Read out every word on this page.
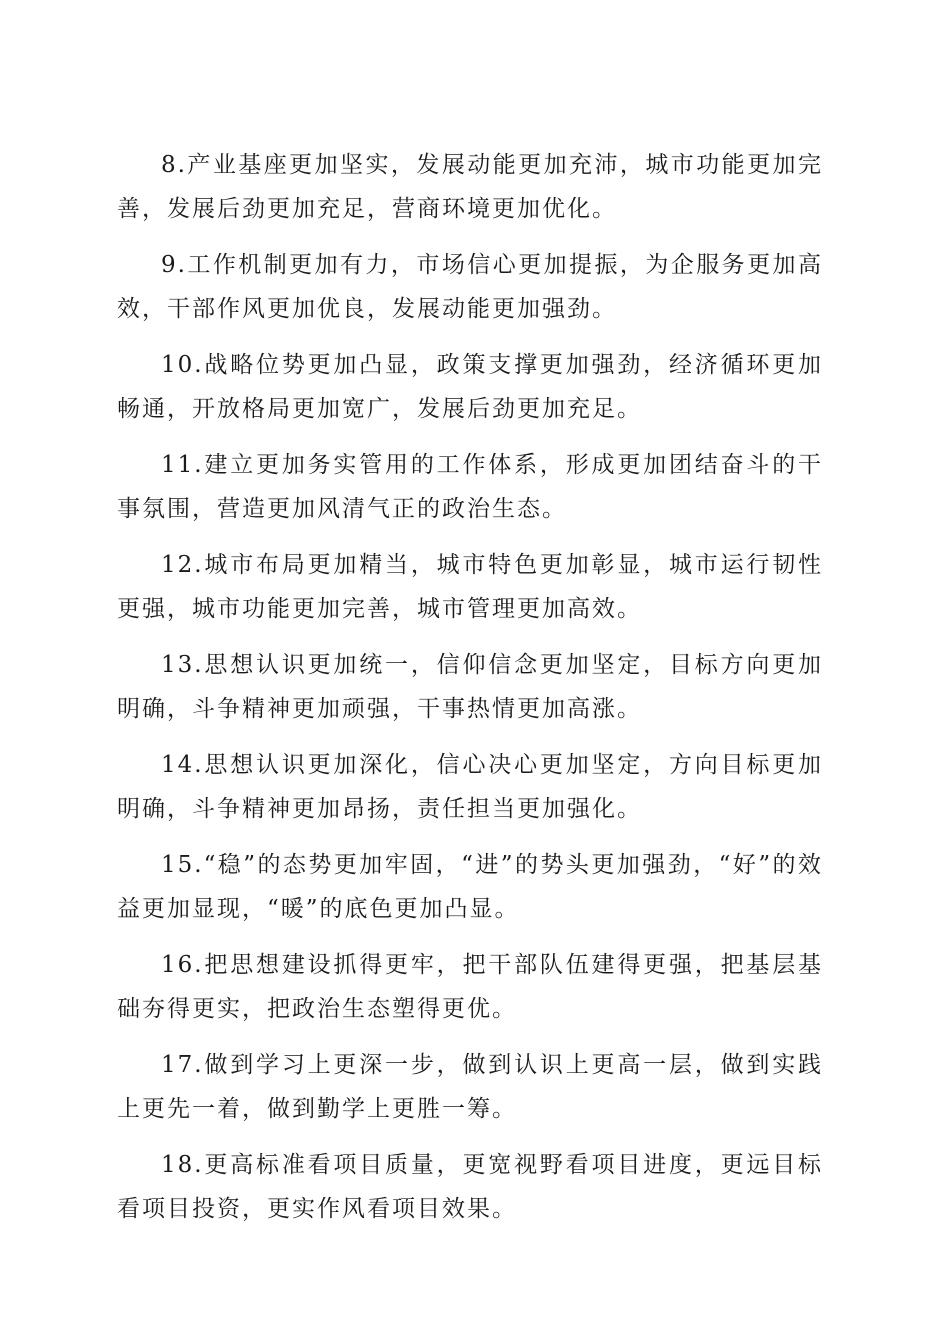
8.产业基座更加坚实，发展动能更加充沛，城市功能更加完善，发展后劲更加充足，营商环境更加优化。

9.工作机制更加有力，市场信心更加提振，为企服务更加高效，干部作风更加优良，发展动能更加强劲。

10.战略位势更加凸显，政策支撑更加强劲，经济循环更加畅通，开放格局更加宽广，发展后劲更加充足。

11.建立更加务实管用的工作体系，形成更加团结奋斗的干事氛围，营造更加风清气正的政治生态。

12.城市布局更加精当，城市特色更加彰显，城市运行韧性更强，城市功能更加完善，城市管理更加高效。

13.思想认识更加统一，信仰信念更加坚定，目标方向更加明确，斗争精神更加顽强，干事热情更加高涨。

14.思想认识更加深化，信心决心更加坚定，方向目标更加明确，斗争精神更加昂扬，责任担当更加强化。

15.“稳”的态势更加牢固，“进”的势头更加强劲，“好”的效益更加显现，“暖”的底色更加凸显。

16.把思想建设抓得更牢，把干部队伍建得更强，把基层基础夯得更实，把政治生态塑得更优。

17.做到学习上更深一步，做到认识上更高一层，做到实践上更先一着，做到勤学上更胜一筹。

18.更高标准看项目质量，更宽视野看项目进度，更远目标看项目投资，更实作风看项目效果。
